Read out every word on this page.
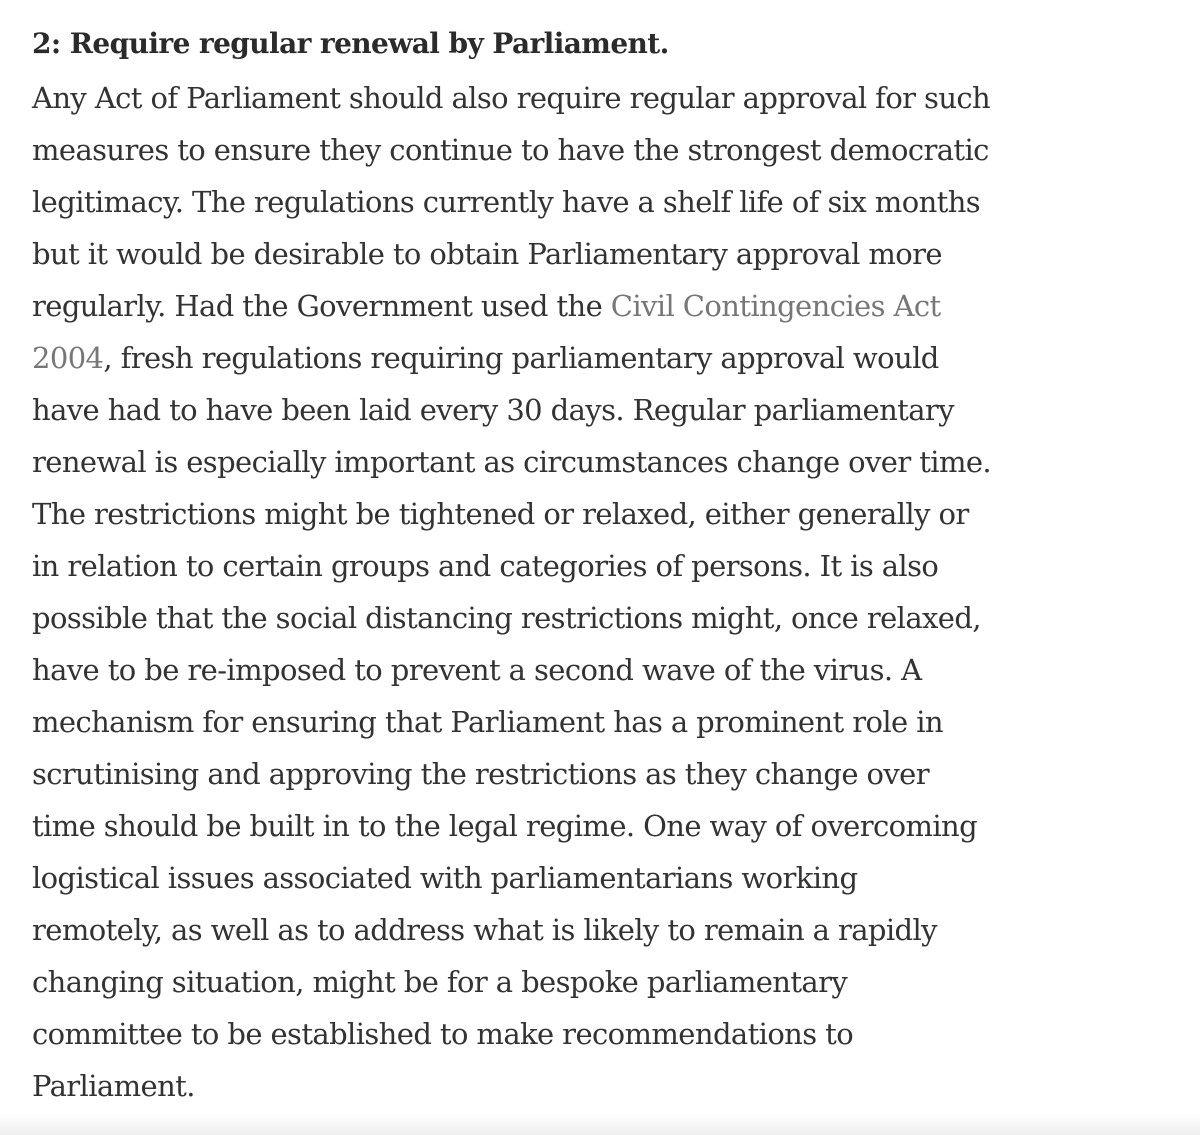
2: Require regular renewal by Parliament.

Any Act of Parliament should also require regular approval for such
measures to ensure they continue to have the strongest democratic
legitimacy. The regulations currently have a shelf life of six months
but it would be desirable to obtain Parliamentary approval more
regularly. Had the Government used the Civil Contingencies Act
2004, fresh regulations requiring parliamentary approval would
have had to have been laid every 30 days. Regular parliamentary
renewal is especially important as circumstances change over time.
The restrictions might be tightened or relaxed, either generally or
in relation to certain groups and categories of persons. It is also
possible that the social distancing restrictions might, once relaxed,
have to be re-imposed to prevent a second wave of the virus. A
mechanism for ensuring that Parliament has a prominent role in
scrutinising and approving the restrictions as they change over
time should be built in to the legal regime. One way of overcoming
logistical issues associated with parliamentarians working
remotely, as well as to address what is likely to remain a rapidly
changing situation, might be for a bespoke parliamentary
committee to be established to make recommendations to
Parliament.
